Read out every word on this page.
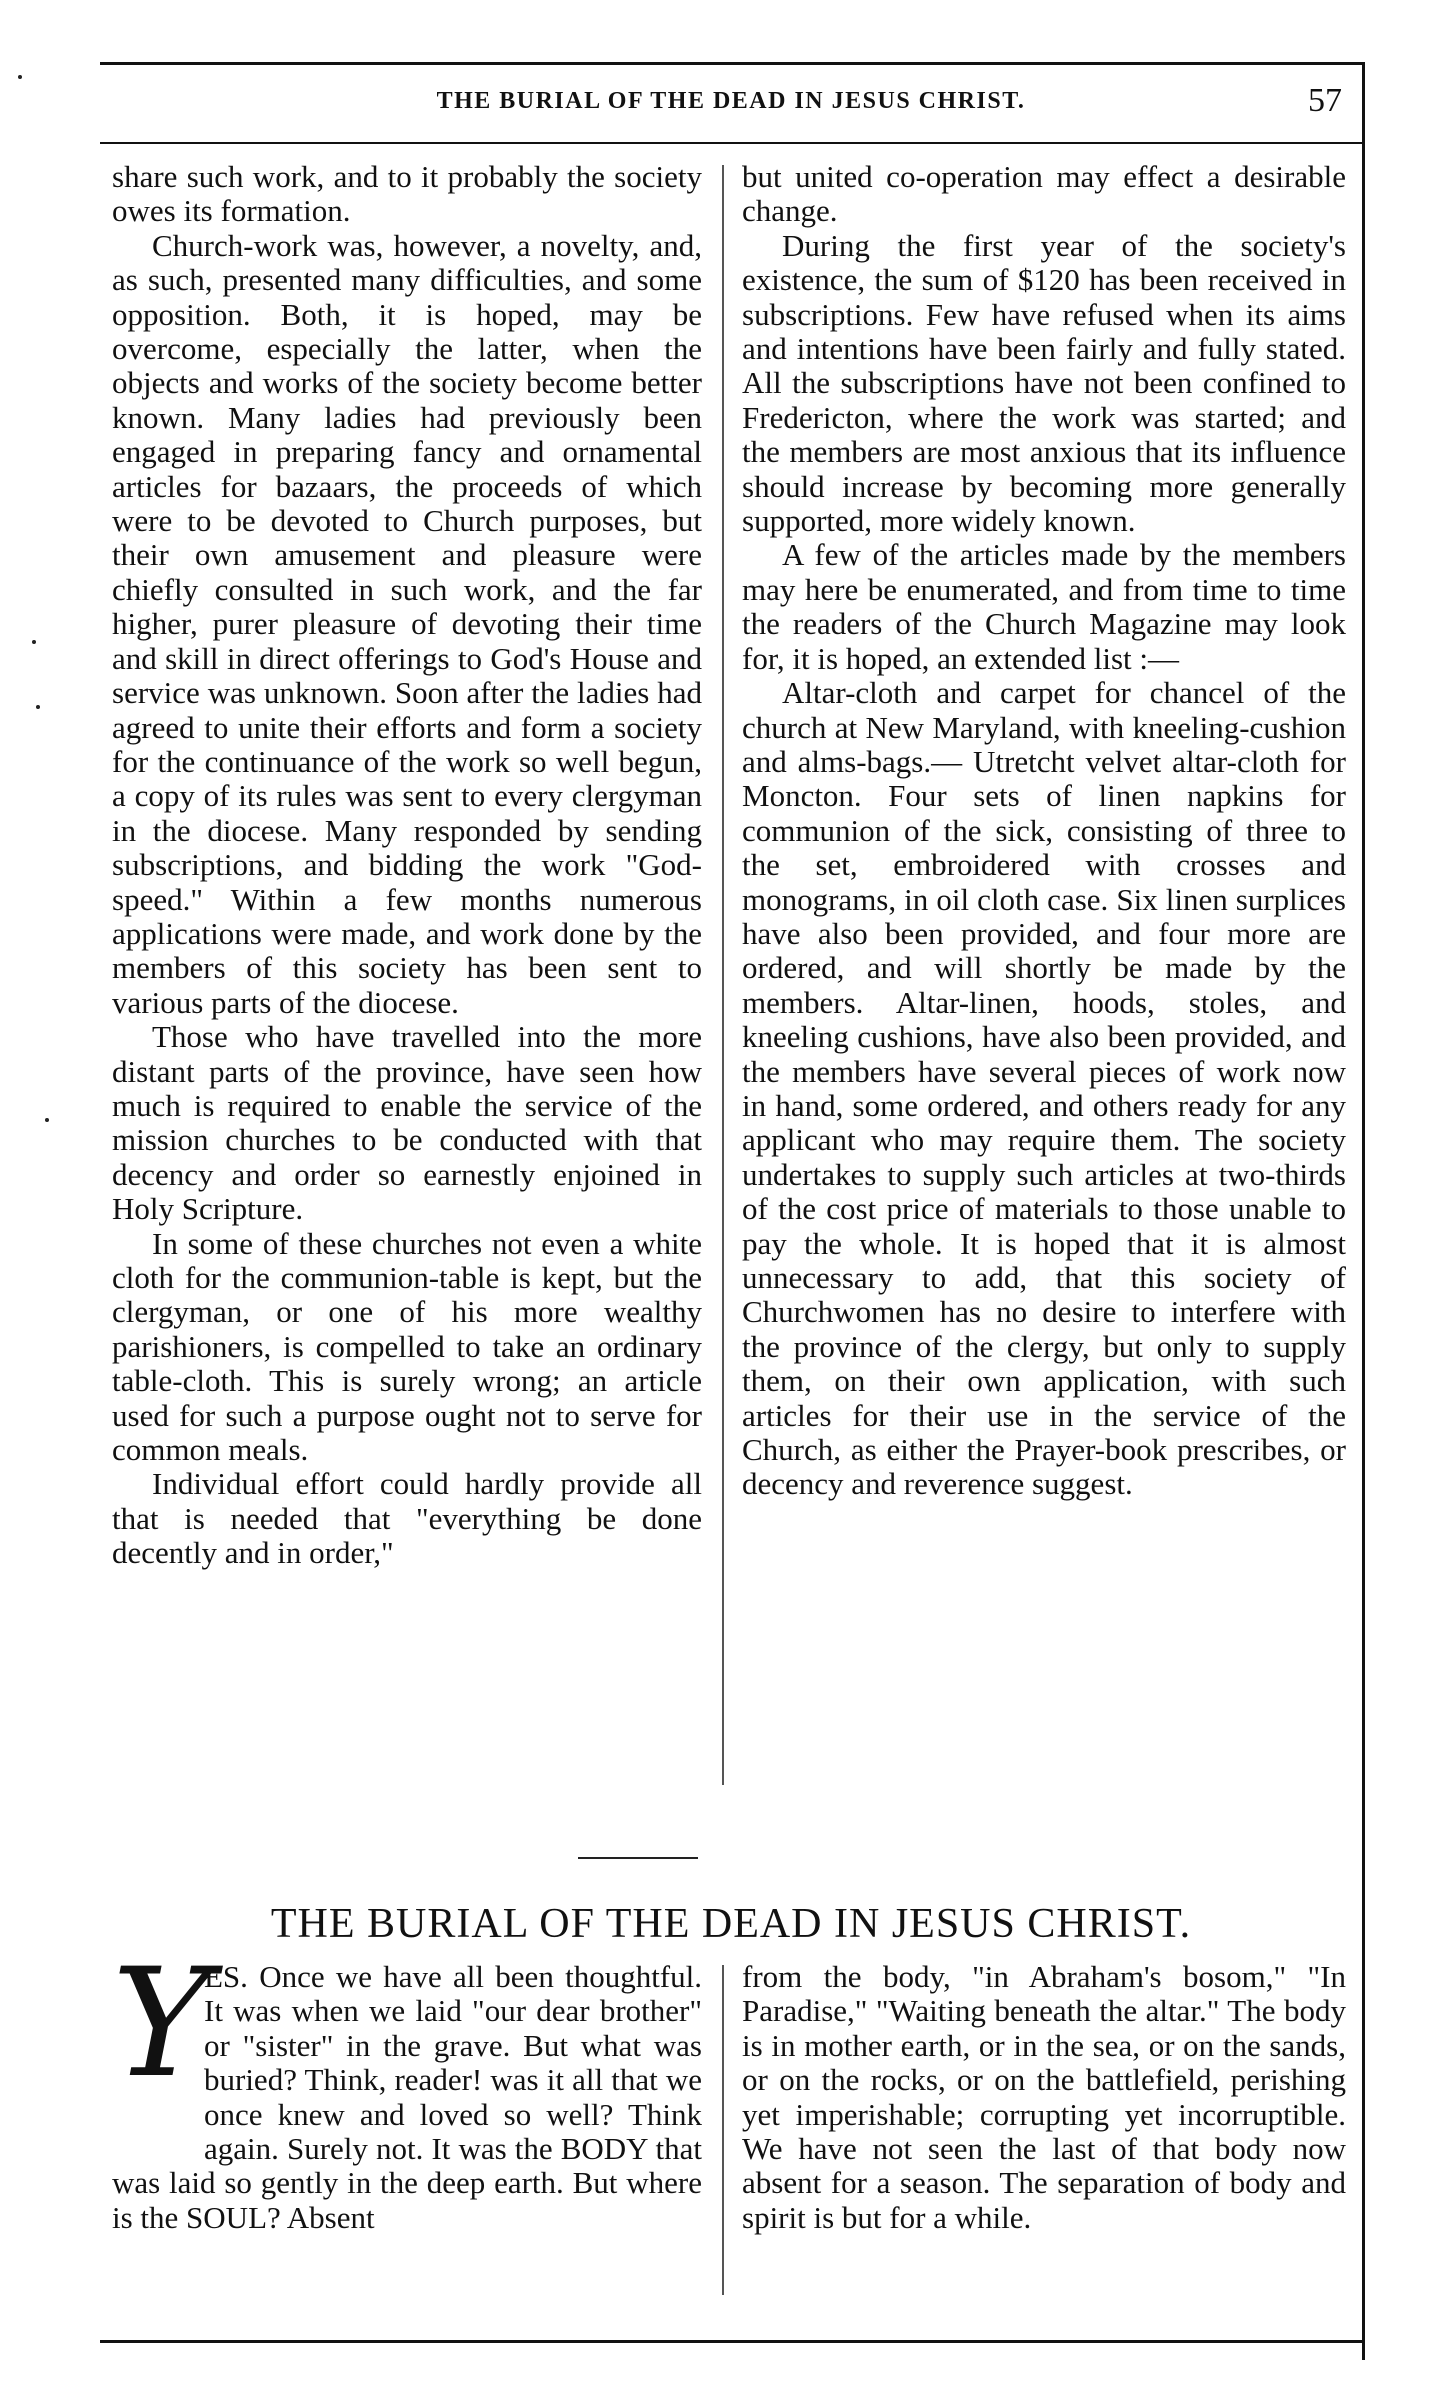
THE BURIAL OF THE DEAD IN JESUS CHRIST.	57

share such work, and to it probably the society owes its formation.

Church-work was, however, a novelty, and, as such, presented many difficulties, and some opposition. Both, it is hoped, may be overcome, especially the latter, when the objects and works of the society become better known. Many ladies had previously been engaged in preparing fancy and ornamental articles for bazaars, the proceeds of which were to be devoted to Church purposes, but their own amusement and pleasure were chiefly consulted in such work, and the far higher, purer pleasure of devoting their time and skill in direct offerings to God's House and service was unknown. Soon after the ladies had agreed to unite their efforts and form a society for the continuance of the work so well begun, a copy of its rules was sent to every clergyman in the diocese. Many responded by sending subscriptions, and bidding the work "God-speed." Within a few months numerous applications were made, and work done by the members of this society has been sent to various parts of the diocese.

Those who have travelled into the more distant parts of the province, have seen how much is required to enable the service of the mission churches to be conducted with that decency and order so earnestly enjoined in Holy Scripture.

In some of these churches not even a white cloth for the communion-table is kept, but the clergyman, or one of his more wealthy parishioners, is compelled to take an ordinary table-cloth. This is surely wrong; an article used for such a purpose ought not to serve for common meals.

Individual effort could hardly provide all that is needed that "everything be done decently and in order,"

but united co-operation may effect a desirable change.

During the first year of the society's existence, the sum of $120 has been received in subscriptions. Few have refused when its aims and intentions have been fairly and fully stated. All the subscriptions have not been confined to Fredericton, where the work was started; and the members are most anxious that its influence should increase by becoming more generally supported, more widely known.

A few of the articles made by the members may here be enumerated, and from time to time the readers of the Church Magazine may look for, it is hoped, an extended list :—

Altar-cloth and carpet for chancel of the church at New Maryland, with kneeling-cushion and alms-bags.— Utretcht velvet altar-cloth for Moncton. Four sets of linen napkins for communion of the sick, consisting of three to the set, embroidered with crosses and monograms, in oil cloth case. Six linen surplices have also been provided, and four more are ordered, and will shortly be made by the members. Altar-linen, hoods, stoles, and kneeling cushions, have also been provided, and the members have several pieces of work now in hand, some ordered, and others ready for any applicant who may require them. The society undertakes to supply such articles at two-thirds of the cost price of materials to those unable to pay the whole. It is hoped that it is almost unnecessary to add, that this society of Churchwomen has no desire to interfere with the province of the clergy, but only to supply them, on their own application, with such articles for their use in the service of the Church, as either the Prayer-book prescribes, or decency and reverence suggest.

THE BURIAL OF THE DEAD IN JESUS CHRIST.

Y
ES. Once we have all been thoughtful. It was when we laid "our dear brother" or "sister" in the grave. But what was buried? Think, reader! was it all that we once knew and loved so well? Think again. Surely not. It was the BODY that was laid so gently in the deep earth. But where is the SOUL? Absent

from the body, "in Abraham's bosom," "In Paradise," "Waiting beneath the altar." The body is in mother earth, or in the sea, or on the sands, or on the rocks, or on the battlefield, perishing yet imperishable; corrupting yet incorruptible. We have not seen the last of that body now absent for a season. The separation of body and spirit is but for a while.
